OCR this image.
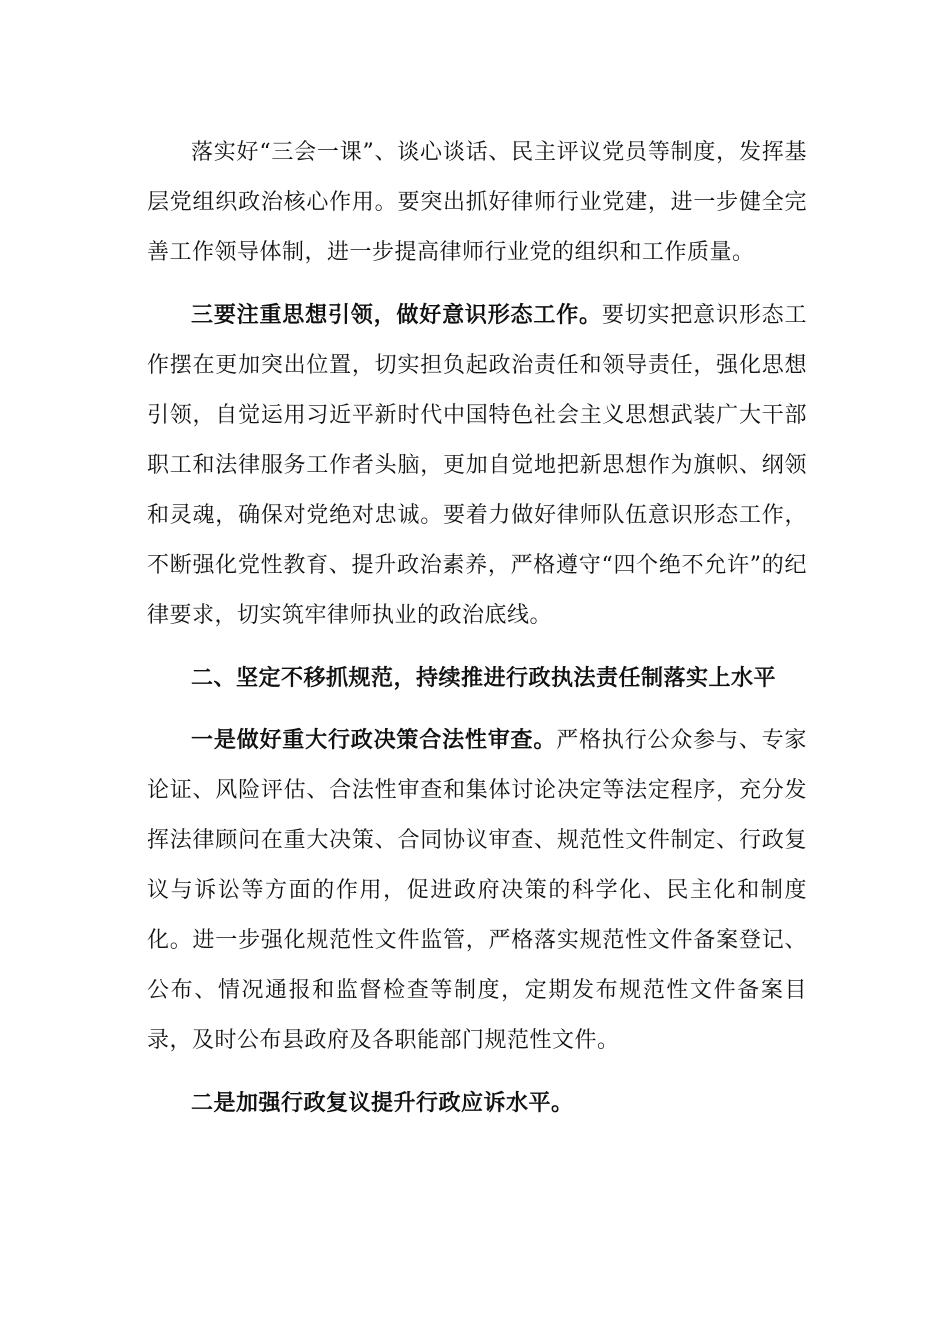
落实好“三会一课”、谈心谈话、民主评议党员等制度，发挥基层党组织政治核心作用。要突出抓好律师行业党建，进一步健全完善工作领导体制，进一步提高律师行业党的组织和工作质量。

三要注重思想引领，做好意识形态工作。要切实把意识形态工作摆在更加突出位置，切实担负起政治责任和领导责任，强化思想引领，自觉运用习近平新时代中国特色社会主义思想武装广大干部职工和法律服务工作者头脑，更加自觉地把新思想作为旗帜、纲领和灵魂，确保对党绝对忠诚。要着力做好律师队伍意识形态工作，不断强化党性教育、提升政治素养，严格遵守“四个绝不允许”的纪律要求，切实筑牢律师执业的政治底线。

二、坚定不移抓规范，持续推进行政执法责任制落实上水平

一是做好重大行政决策合法性审查。严格执行公众参与、专家论证、风险评估、合法性审查和集体讨论决定等法定程序，充分发挥法律顾问在重大决策、合同协议审查、规范性文件制定、行政复议与诉讼等方面的作用，促进政府决策的科学化、民主化和制度化。进一步强化规范性文件监管，严格落实规范性文件备案登记、公布、情况通报和监督检查等制度，定期发布规范性文件备案目录，及时公布县政府及各职能部门规范性文件。

二是加强行政复议提升行政应诉水平。
